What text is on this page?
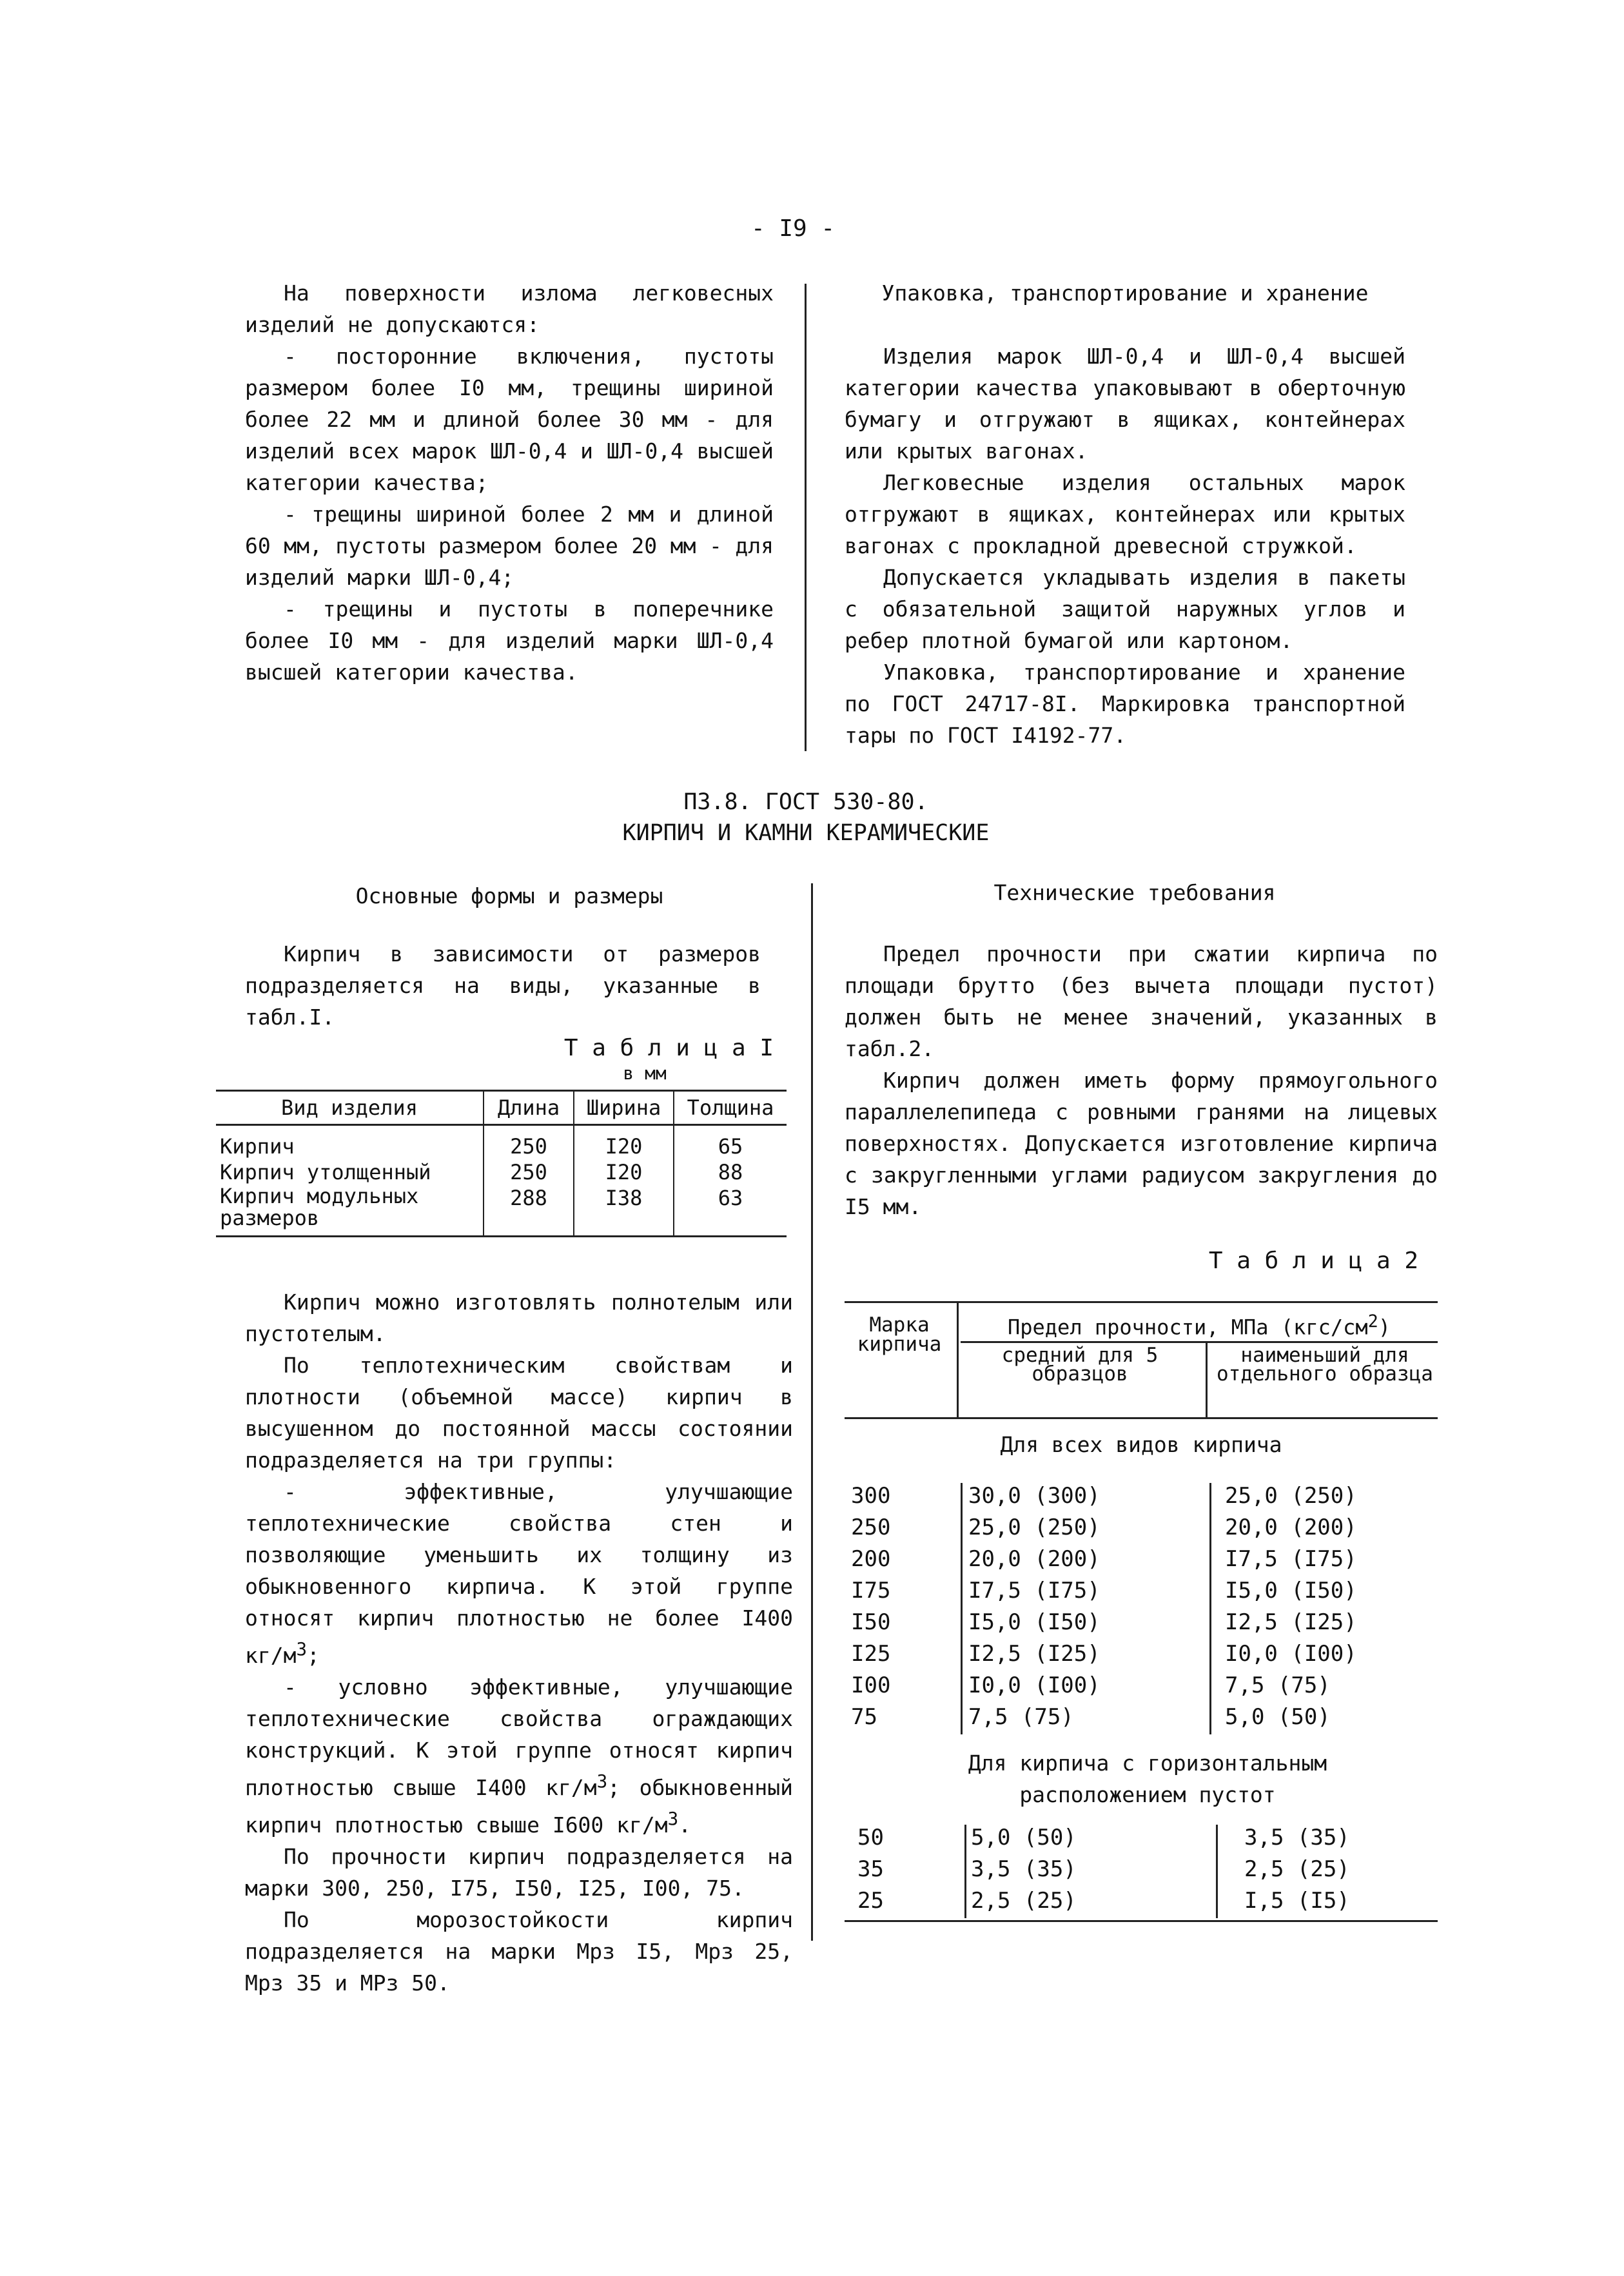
- I9 -

На поверхности излома легковесных изделий не допускаются:

- посторонние включения, пустоты размером более I0 мм, трещины шириной более 22 мм и длиной более 30 мм - для изделий всех марок ШЛ-0,4 и ШЛ-0,4 высшей категории качества;

- трещины шириной более 2 мм и длиной 60 мм, пустоты размером более 20 мм - для изделий марки ШЛ-0,4;

- трещины и пустоты в поперечнике более I0 мм - для изделий марки ШЛ-0,4 высшей категории качества.

Упаковка, транспортирование и хранение

Изделия марок ШЛ-0,4 и ШЛ-0,4 высшей категории качества упаковывают в оберточную бумагу и отгружают в ящиках, контейнерах или крытых вагонах.

Легковесные изделия остальных марок отгружают в ящиках, контейнерах или крытых вагонах с прокладной древесной стружкой.

Допускается укладывать изделия в пакеты с обязательной защитой наружных углов и ребер плотной бумагой или картоном.

Упаковка, транспортирование и хранение по ГОСТ 24717-8I. Маркировка транспортной тары по ГОСТ I4192-77.

П3.8. ГОСТ 530-80.
КИРПИЧ И КАМНИ КЕРАМИЧЕСКИЕ
Основные формы и размеры
Кирпич в зависимости от размеров подразделяется на виды, указанные в табл.I.
Т а б л и ц а I
в мм
Вид изделия	Длина	Ширина	Толщина
Кирпич	250	I20	65
Кирпич утолщенный	250	I20	88
Кирпич модульных размеров	288	I38	63

Кирпич можно изготовлять полнотелым или пустотелым.

По теплотехническим свойствам и плотности (объемной массе) кирпич в высушенном до постоянной массы состоянии подразделяется на три группы:

- эффективные, улучшающие теплотехнические свойства стен и позволяющие уменьшить их толщину из обыкновенного кирпича. К этой группе относят кирпич плотностью не более I400 $кг/м^3$;

- условно эффективные, улучшающие теплотехнические свойства ограждающих конструкций. К этой группе относят кирпич плотностью свыше I400 $кг/м^3$; обыкновенный кирпич плотностью свыше I600 $кг/м^3$.

По прочности кирпич подразделяется на марки 300, 250, I75, I50, I25, I00, 75.

По морозостойкости кирпич подразделяется на марки Мрз I5, Мрз 25, Мрз 35 и МРз 50.

Технические требования

Предел прочности при сжатии кирпича по площади брутто (без вычета площади пустот) должен быть не менее значений, указанных в табл.2.

Кирпич должен иметь форму прямоугольного параллелепипеда с ровными гранями на лицевых поверхностях. Допускается изготовление кирпича с закругленными углами радиусом закругления до I5 мм.

Т а б л и ц а 2
Марка кирпича
Предел прочности, МПа $(кгс/см^2)$
средний для 5 образцов
наименьший для отдельного образца
Для всех видов кирпича
300	30,0 (300)	25,0 (250)
250	25,0 (250)	20,0 (200)
200	20,0 (200)	I7,5 (I75)
I75	I7,5 (I75)	I5,0 (I50)
I50	I5,0 (I50)	I2,5 (I25)
I25	I2,5 (I25)	I0,0 (I00)
I00	I0,0 (I00)	7,5 (75)
75	7,5 (75)	5,0 (50)
Для кирпича с горизонтальным расположением пустот
50	5,0 (50)	3,5 (35)
35	3,5 (35)	2,5 (25)
25	2,5 (25)	I,5 (I5)
